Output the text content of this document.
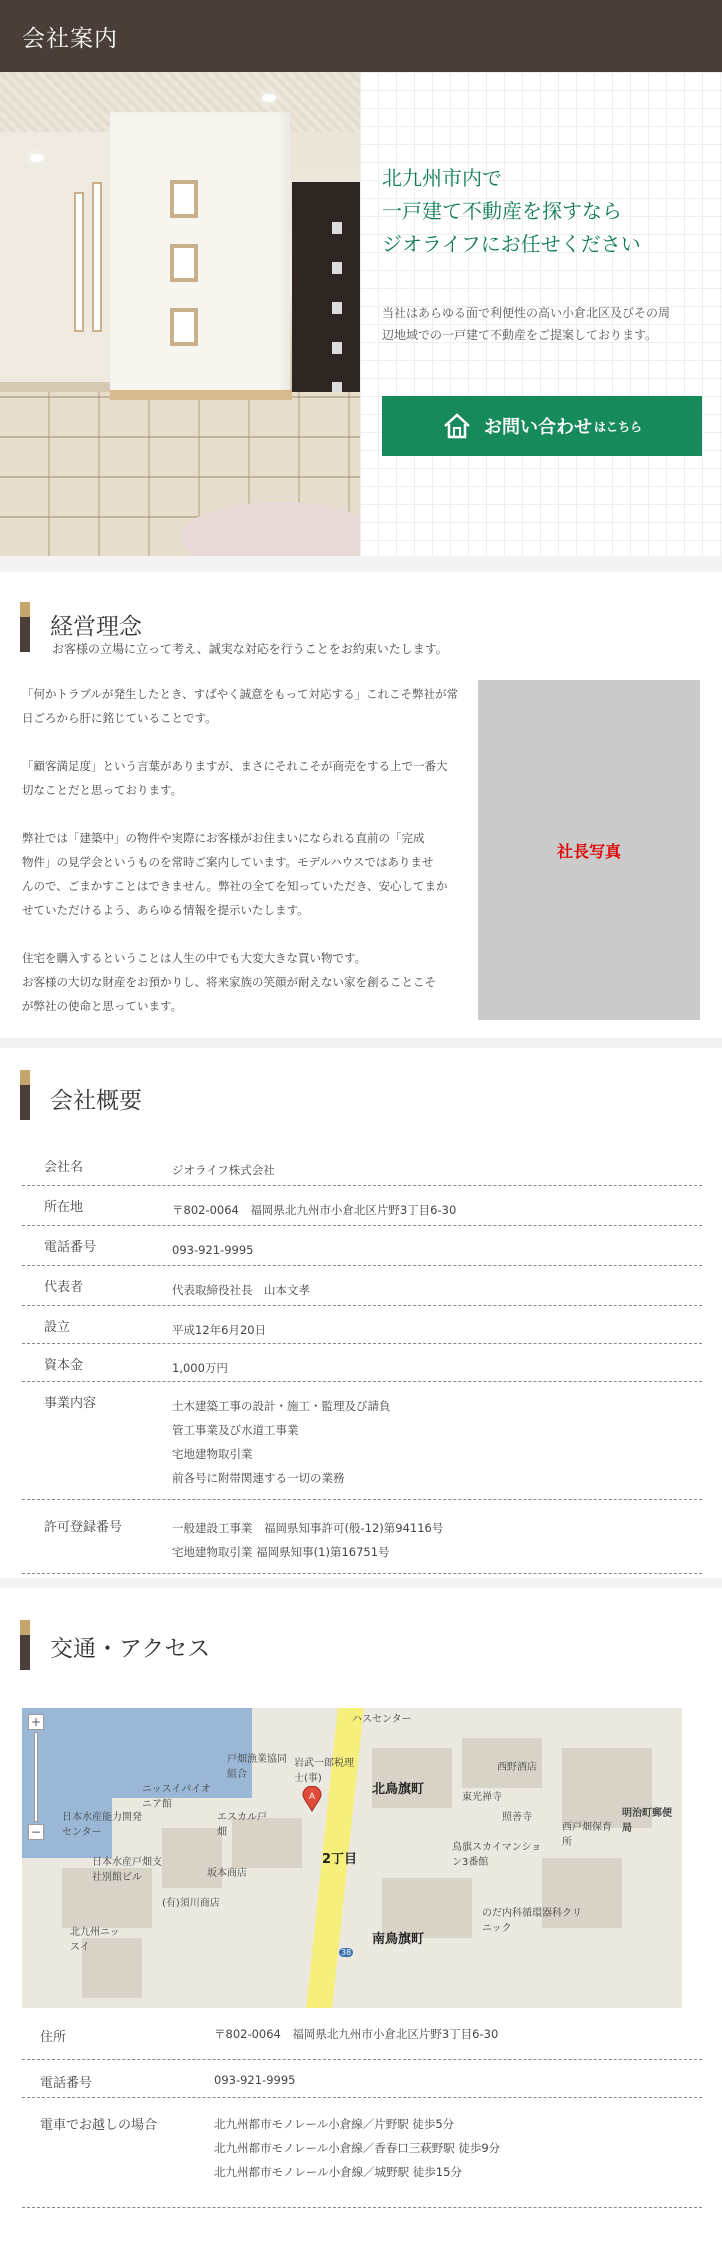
会社案内
北九州市内で
一戸建て不動産を探すなら
ジオライフにお任せください
当社はあらゆる面で利便性の高い小倉北区及びその周
辺地域での一戸建て不動産をご提案しております。
お問い合わせ はこちら
経営理念
お客様の立場に立って考え、誠実な対応を行うことをお約束いたします。

「何かトラブルが発生したとき、すばやく誠意をもって対応する」これこそ弊社が常
日ごろから肝に銘じていることです。

「顧客満足度」という言葉がありますが、まさにそれこそが商売をする上で一番大
切なことだと思っております。

弊社では「建築中」の物件や実際にお客様がお住まいになられる直前の「完成
物件」の見学会というものを常時ご案内しています。モデルハウスではありませ
んので、ごまかすことはできません。弊社の全てを知っていただき、安心してまか
せていただけるよう、あらゆる情報を提示いたします。

住宅を購入するということは人生の中でも大変大きな買い物です。
お客様の大切な財産をお預かりし、将来家族の笑顔が耐えない家を創ることこそ
が弊社の使命と思っています。

社長写真
会社概要
会社名	ジオライフ株式会社
所在地	〒802-0064　福岡県北九州市小倉北区片野3丁目6-30
電話番号	093-921-9995
代表者	代表取締役社長　山本文孝
設立	平成12年6月20日
資本金	1,000万円
事業内容	土木建築工事の設計・施工・監理及び請負
管工事業及び水道工事業
宅地建物取引業
前各号に附帯関連する一切の業務
許可登録番号	一般建設工事業　福岡県知事許可(般-12)第94116号
宅地建物取引業 福岡県知事(1)第16751号
交通・アクセス
+
−
A
ハスセンター
北鳥旗町
2丁目
南鳥旗町
岩武一郎税理士(事)
日本水産能力開発センター
日本水産戸畑支社別館ビル
北九州ニッスイ
ニッスイパイオニア館
戸畑漁業協同組合
エスカル戸畑
坂本商店
(有)須川商店
照善寺
東光禅寺
西野酒店
のだ内科循環器科クリニック
鳥旗スカイマンション3番館
西戸畑保育所
明治町郵便局
38
住所	〒802-0064　福岡県北九州市小倉北区片野3丁目6-30
電話番号	093-921-9995
電車でお越しの場合	北九州都市モノレール小倉線／片野駅 徒歩5分
北九州都市モノレール小倉線／香春口三萩野駅 徒歩9分
北九州都市モノレール小倉線／城野駅 徒歩15分
